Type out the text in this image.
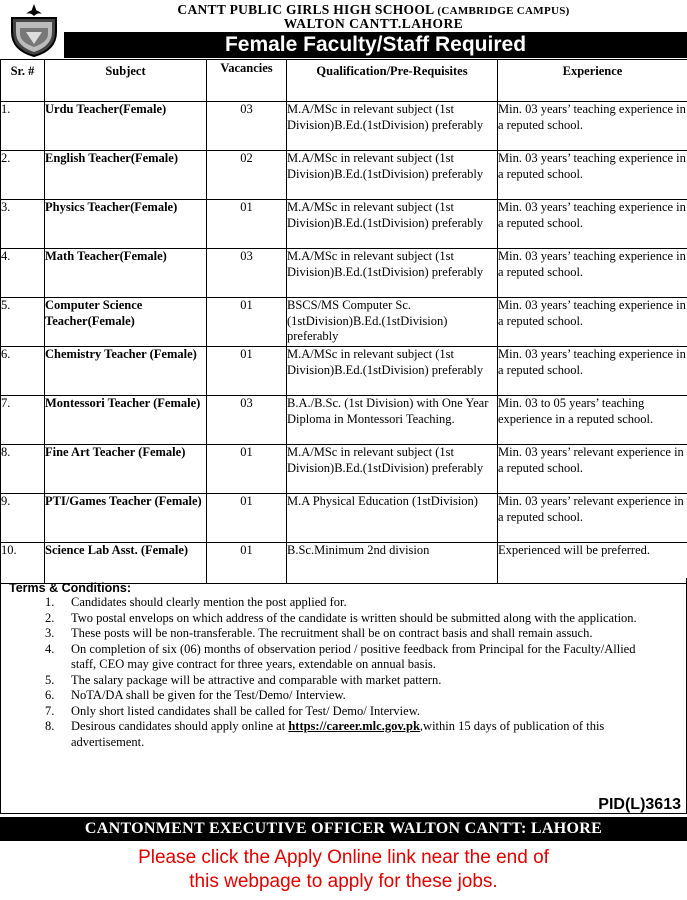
CANTT PUBLIC GIRLS HIGH SCHOOL (CAMBRIDGE CAMPUS)
WALTON CANTT.LAHORE
Female Faculty/Staff Required
Sr. #	Subject	Vacancies	Qualification/Pre-Requisites	Experience
1.	Urdu Teacher(Female)	03	M.A/MSc in relevant subject (1st Division)B.Ed.(1stDivision) preferably	Min. 03 years’ teaching experience in a reputed school.
2.	English Teacher(Female)	02	M.A/MSc in relevant subject (1st Division)B.Ed.(1stDivision) preferably	Min. 03 years’ teaching experience in a reputed school.
3.	Physics Teacher(Female)	01	M.A/MSc in relevant subject (1st Division)B.Ed.(1stDivision) preferably	Min. 03 years’ teaching experience in a reputed school.
4.	Math Teacher(Female)	03	M.A/MSc in relevant subject (1st Division)B.Ed.(1stDivision) preferably	Min. 03 years’ teaching experience in a reputed school.
5.	Computer Science Teacher(Female)	01	BSCS/MS Computer Sc. (1stDivision)B.Ed.(1stDivision) preferably	Min. 03 years’ teaching experience in a reputed school.
6.	Chemistry Teacher (Female)	01	M.A/MSc in relevant subject (1st Division)B.Ed.(1stDivision) preferably	Min. 03 years’ teaching experience in a reputed school.
7.	Montessori Teacher (Female)	03	B.A./B.Sc. (1st Division) with One Year Diploma in Montessori Teaching.	Min. 03 to 05 years’ teaching experience in a reputed school.
8.	Fine Art Teacher (Female)	01	M.A/MSc in relevant subject (1st Division)B.Ed.(1stDivision) preferably	Min. 03 years’ relevant experience in a reputed school.
9.	PTI/Games Teacher (Female)	01	M.A Physical Education (1stDivision)	Min. 03 years’ relevant experience in a reputed school.
10.	Science Lab Asst. (Female)	01	B.Sc.Minimum 2nd division	Experienced will be preferred.
Terms & Conditions:
1. Candidates should clearly mention the post applied for.
2. Two postal envelops on which address of the candidate is written should be submitted along with the application.
3. These posts will be non-transferable. The recruitment shall be on contract basis and shall remain assuch.
4. On completion of six (06) months of observation period / positive feedback from Principal for the Faculty/Allied staff, CEO may give contract for three years, extendable on annual basis.
5. The salary package will be attractive and comparable with market pattern.
6. NoTA/DA shall be given for the Test/Demo/ Interview.
7. Only short listed candidates shall be called for Test/ Demo/ Interview.
8. Desirous candidates should apply online at https://career.mlc.gov.pk,within 15 days of publication of this advertisement.
PID(L)3613
CANTONMENT EXECUTIVE OFFICER WALTON CANTT: LAHORE
Please click the Apply Online link near the end of
this webpage to apply for these jobs.
